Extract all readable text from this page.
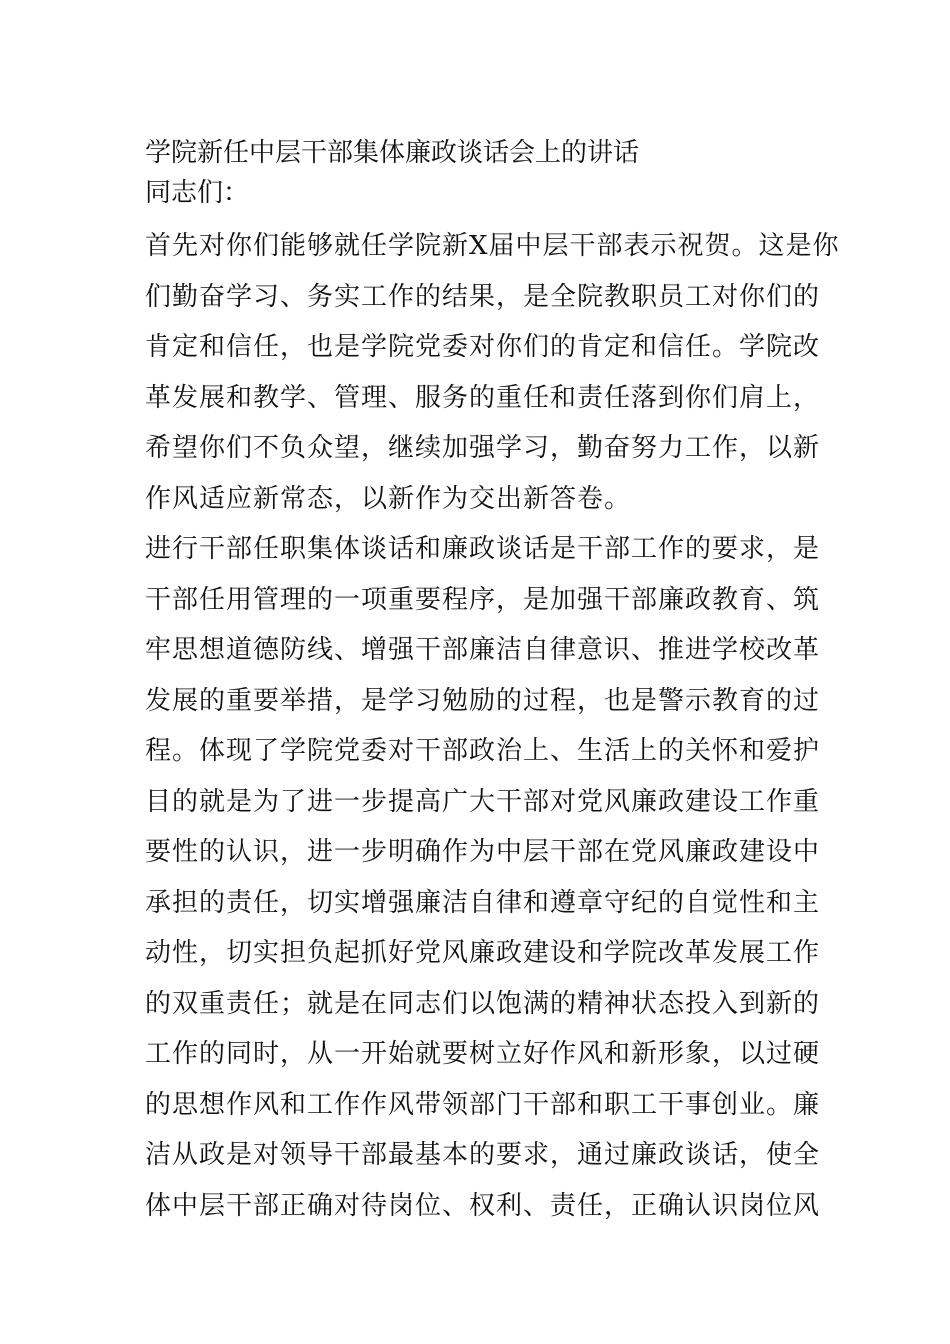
学院新任中层干部集体廉政谈话会上的讲话

同志们：

首先对你们能够就任学院新X届中层干部表示祝贺。这是你
们勤奋学习、务实工作的结果，是全院教职员工对你们的
肯定和信任，也是学院党委对你们的肯定和信任。学院改
革发展和教学、管理、服务的重任和责任落到你们肩上，
希望你们不负众望，继续加强学习，勤奋努力工作，以新
作风适应新常态，以新作为交出新答卷。
进行干部任职集体谈话和廉政谈话是干部工作的要求，是
干部任用管理的一项重要程序，是加强干部廉政教育、筑
牢思想道德防线、增强干部廉洁自律意识、推进学校改革
发展的重要举措，是学习勉励的过程，也是警示教育的过
程。体现了学院党委对干部政治上、生活上的关怀和爱护
目的就是为了进一步提高广大干部对党风廉政建设工作重
要性的认识，进一步明确作为中层干部在党风廉政建设中
承担的责任，切实增强廉洁自律和遵章守纪的自觉性和主
动性，切实担负起抓好党风廉政建设和学院改革发展工作
的双重责任；就是在同志们以饱满的精神状态投入到新的
工作的同时，从一开始就要树立好作风和新形象，以过硬
的思想作风和工作作风带领部门干部和职工干事创业。廉
洁从政是对领导干部最基本的要求，通过廉政谈话，使全
体中层干部正确对待岗位、权利、责任，正确认识岗位风
